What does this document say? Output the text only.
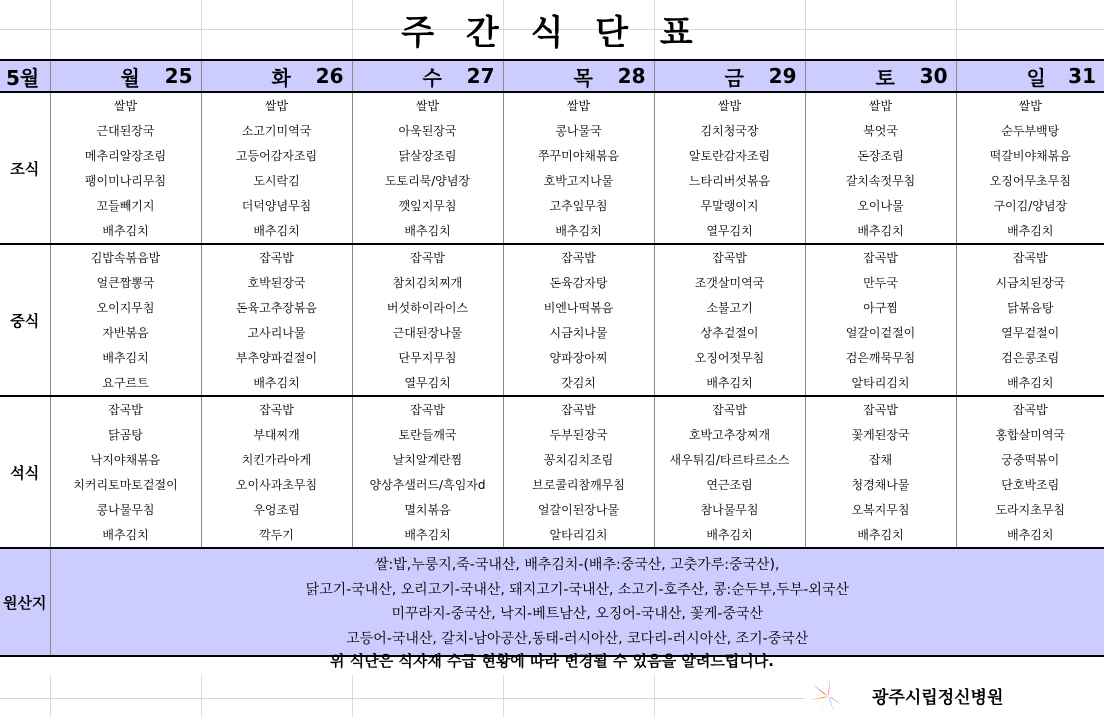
주 간 식 단 표
5월	월 25	화 26	수 27	목 28	금 29	토 30	일 31

조식	쌀밥	쌀밥	쌀밥	쌀밥	쌀밥	쌀밥	쌀밥
	근대된장국	소고기미역국	아욱된장국	콩나물국	김치청국장	북엇국	순두부백탕
	메추리알장조림	고등어감자조림	닭살장조림	쭈꾸미야채볶음	알토란감자조림	돈장조림	떡갈비야채볶음
	팽이미나리무침	도시락김	도토리묵/양념장	호박고지나물	느타리버섯볶음	갈치속젓무침	오징어무초무침
	꼬들빼기지	더덕양념무침	깻잎지무침	고추잎무침	무말랭이지	오이나물	구이김/양념장
	배추김치	배추김치	배추김치	배추김치	열무김치	배추김치	배추김치
중식	김밥속볶음밥	잡곡밥	잡곡밥	잡곡밥	잡곡밥	잡곡밥	잡곡밥
	얼큰짬뽕국	호박된장국	참치김치찌개	돈육감자탕	조갯살미역국	만두국	시금치된장국
	오이지무침	돈육고추장볶음	버섯하이라이스	비엔나떡볶음	소불고기	아구찜	닭볶음탕
	자반볶음	고사리나물	근대된장나물	시금치나물	상추겉절이	얼갈이겉절이	열무겉절이
	배추김치	부추양파겉절이	단무지무침	양파장아찌	오징어젓무침	검은깨묵무침	검은콩조림
	요구르트	배추김치	열무김치	갓김치	배추김치	알타리김치	배추김치
석식	잡곡밥	잡곡밥	잡곡밥	잡곡밥	잡곡밥	잡곡밥	잡곡밥
	닭곰탕	부대찌개	토란들깨국	두부된장국	호박고추장찌개	꽃게된장국	홍합살미역국
	낙지야채볶음	치킨가라아게	날치알계란찜	꽁치김치조림	새우튀김/타르타르소스	잡채	궁중떡볶이
	치커리토마토겉절이	오이사과초무침	양상추샐러드/흑임자d	브로콜리참깨무침	연근조림	청경채나물	단호박조림
	콩나물무침	우엉조림	멸치볶음	얼갈이된장나물	참나물무침	오복지무침	도라지초무침
	배추김치	깍두기	배추김치	알타리김치	배추김치	배추김치	배추김치
원산지	쌀:밥,누룽지,죽-국내산, 배추김치-(배추:중국산, 고춧가루:중국산),
닭고기-국내산, 오리고기-국내산, 돼지고기-국내산, 소고기-호주산, 콩:순두부,두부-외국산
미꾸라지-중국산, 낙지-베트남산, 오징어-국내산, 꽃게-중국산
고등어-국내산, 갈치-남아공산,동태-러시아산, 코다리-러시아산, 조기-중국산						
위 식단은 식자재 수급 현황에 따라 변경될 수 있음을 알려드립니다.
광주시립정신병원
